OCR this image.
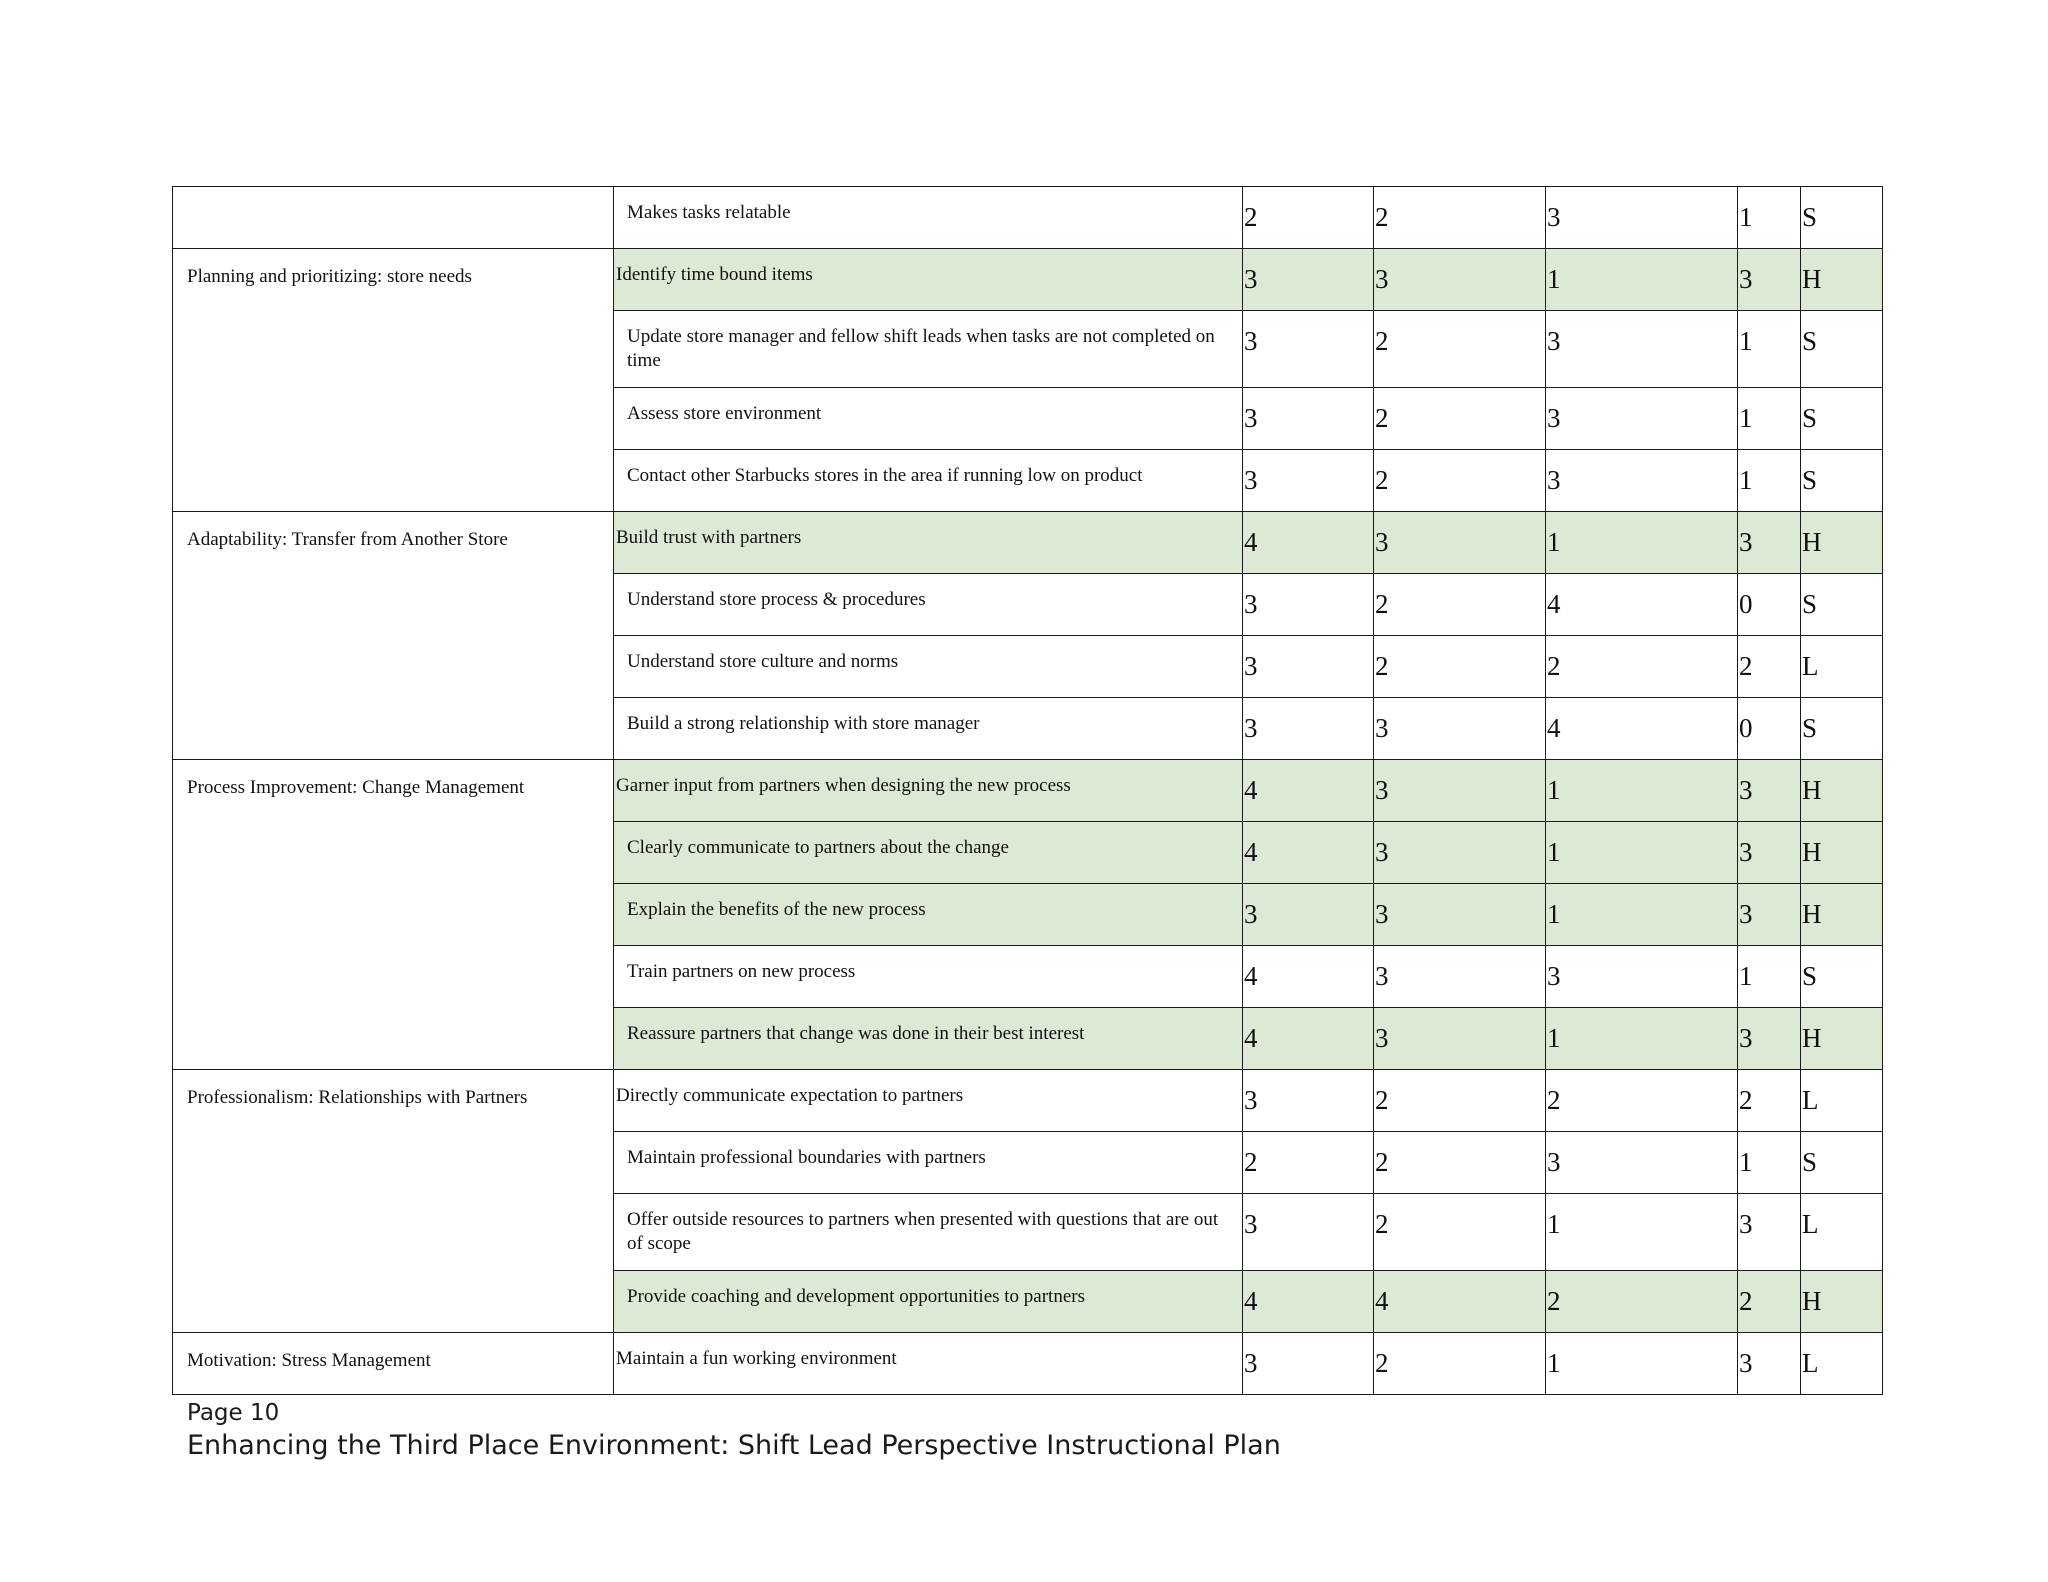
	Makes tasks relatable	2	2	3	1	S

Planning and prioritizing: store needs	Identify time bound items	3	3	1	3	H

	Update store manager and fellow shift leads when tasks are not completed on time	3	2	3	1	S

	Assess store environment	3	2	3	1	S

	Contact other Starbucks stores in the area if running low on product	3	2	3	1	S

Adaptability: Transfer from Another Store	Build trust with partners	4	3	1	3	H

	Understand store process & procedures	3	2	4	0	S

	Understand store culture and norms	3	2	2	2	L

	Build a strong relationship with store manager	3	3	4	0	S

Process Improvement: Change Management	Garner input from partners when designing the new process	4	3	1	3	H

	Clearly communicate to partners about the change	4	3	1	3	H

	Explain the benefits of the new process	3	3	1	3	H

	Train partners on new process	4	3	3	1	S

	Reassure partners that change was done in their best interest	4	3	1	3	H

Professionalism: Relationships with Partners	Directly communicate expectation to partners	3	2	2	2	L

	Maintain professional boundaries with partners	2	2	3	1	S

	Offer outside resources to partners when presented with questions that are out of scope	3	2	1	3	L

	Provide coaching and development opportunities to partners	4	4	2	2	H

Motivation: Stress Management	Maintain a fun working environment	3	2	1	3	L
Page 10
Enhancing the Third Place Environment: Shift Lead Perspective Instructional Plan
